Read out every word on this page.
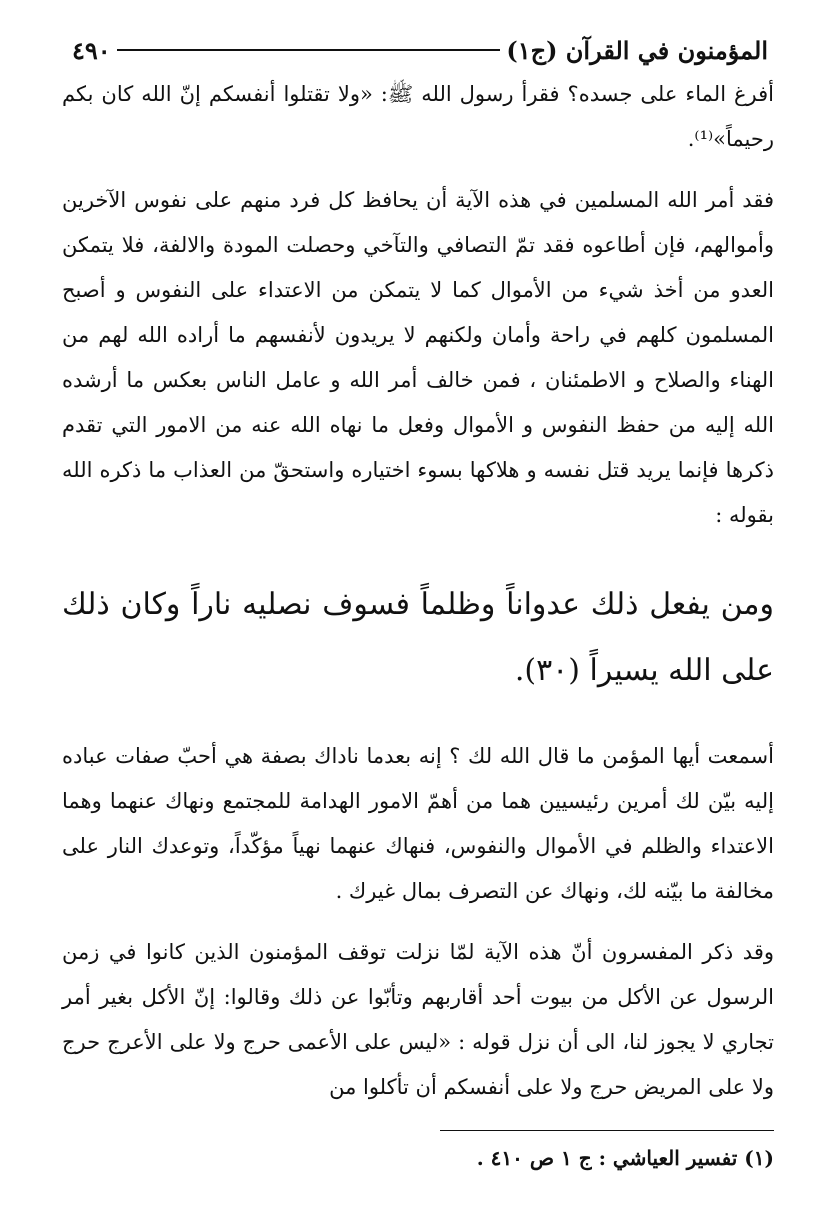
المؤمنون في القرآن (ج١)
٤٩٠

أفرغ الماء على جسده؟ فقرأ رسول الله ﷺ: «ولا تقتلوا أنفسكم إنّ الله كان بكم رحيماً»⁽¹⁾.

فقد أمر الله المسلمين في هذه الآية أن يحافظ كل فرد منهم على نفوس الآخرين وأموالهم، فإن أطاعوه فقد تمّ التصافي والتآخي وحصلت المودة والالفة، فلا يتمكن العدو من أخذ شيء من الأموال كما لا يتمكن من الاعتداء على النفوس و أصبح المسلمون كلهم في راحة وأمان ولكنهم لا يريدون لأنفسهم ما أراده الله لهم من الهناء والصلاح و الاطمئنان ، فمن خالف أمر الله و عامل الناس بعكس ما أرشده الله إليه من حفظ النفوس و الأموال وفعل ما نهاه الله عنه من الامور التي تقدم ذكرها فإنما يريد قتل نفسه و هلاكها بسوء اختياره واستحقّ من العذاب ما ذكره الله بقوله :

ومن يفعل ذلك عدواناً وظلماً فسوف نصليه ناراً وكان ذلك على الله يسيراً (٣٠).

أسمعت أيها المؤمن ما قال الله لك ؟ إنه بعدما ناداك بصفة هي أحبّ صفات عباده إليه بيّن لك أمرين رئيسيين هما من أهمّ الامور الهدامة للمجتمع ونهاك عنهما وهما الاعتداء والظلم في الأموال والنفوس، فنهاك عنهما نهياً مؤكّداً، وتوعدك النار على مخالفة ما بيّنه لك، ونهاك عن التصرف بمال غيرك .

وقد ذكر المفسرون أنّ هذه الآية لمّا نزلت توقف المؤمنون الذين كانوا في زمن الرسول عن الأكل من بيوت أحد أقاربهم وتأبّوا عن ذلك وقالوا: إنّ الأكل بغير أمر تجاري لا يجوز لنا، الى أن نزل قوله : «ليس على الأعمى حرج ولا على الأعرج حرج ولا على المريض حرج ولا على أنفسكم أن تأكلوا من

(١) تفسير العياشي : ج ١ ص ٤١٠ .
